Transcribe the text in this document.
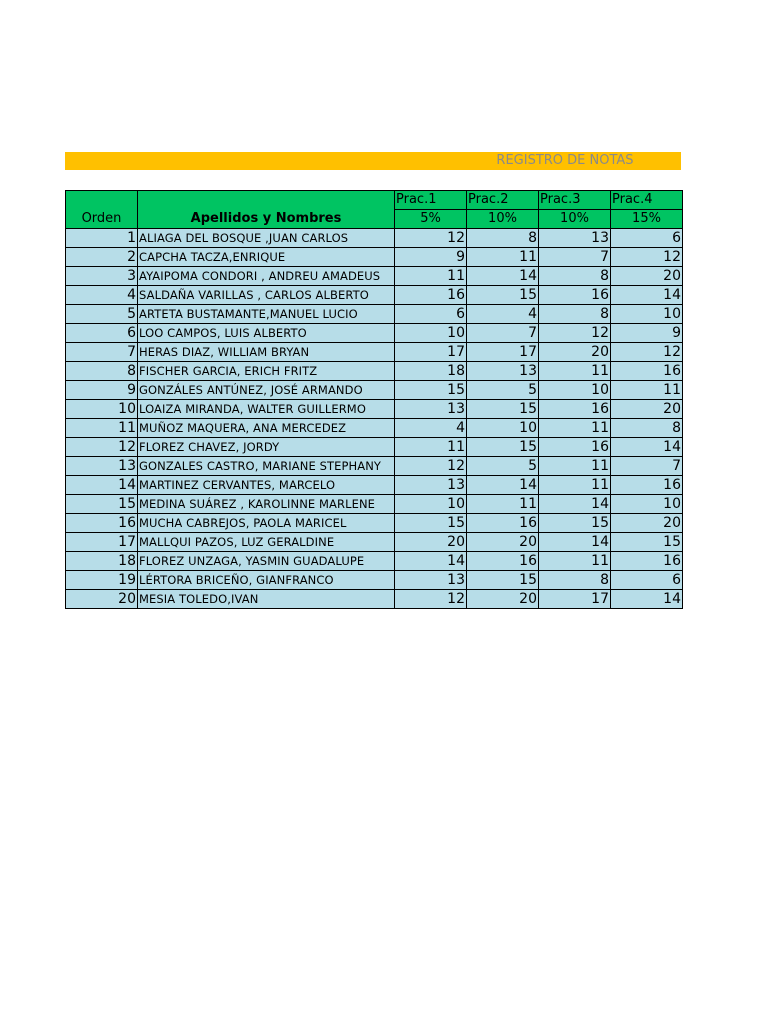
REGISTRO DE NOTAS
Orden	Apellidos y Nombres	Prac.1	Prac.2	Prac.3	Prac.4
		5%	10%	10%	15%
1	ALIAGA DEL BOSQUE ,JUAN CARLOS	12	8	13	6
2	CAPCHA TACZA,ENRIQUE	9	11	7	12
3	AYAIPOMA CONDORI , ANDREU AMADEUS	11	14	8	20
4	SALDAÑA VARILLAS , CARLOS ALBERTO	16	15	16	14
5	ARTETA BUSTAMANTE,MANUEL LUCIO	6	4	8	10
6	LOO CAMPOS, LUIS ALBERTO	10	7	12	9
7	HERAS DIAZ, WILLIAM BRYAN	17	17	20	12
8	FISCHER GARCIA, ERICH FRITZ	18	13	11	16
9	GONZÁLES ANTÚNEZ, JOSÉ ARMANDO	15	5	10	11
10	LOAIZA MIRANDA, WALTER GUILLERMO	13	15	16	20
11	MUÑOZ MAQUERA, ANA MERCEDEZ	4	10	11	8
12	FLOREZ CHAVEZ, JORDY	11	15	16	14
13	GONZALES CASTRO, MARIANE STEPHANY	12	5	11	7
14	MARTINEZ CERVANTES, MARCELO	13	14	11	16
15	MEDINA SUÁREZ , KAROLINNE MARLENE	10	11	14	10
16	MUCHA CABREJOS, PAOLA MARICEL	15	16	15	20
17	MALLQUI PAZOS, LUZ GERALDINE	20	20	14	15
18	FLOREZ UNZAGA, YASMIN GUADALUPE	14	16	11	16
19	LÉRTORA BRICEÑO, GIANFRANCO	13	15	8	6
20	MESIA TOLEDO,IVAN	12	20	17	14
